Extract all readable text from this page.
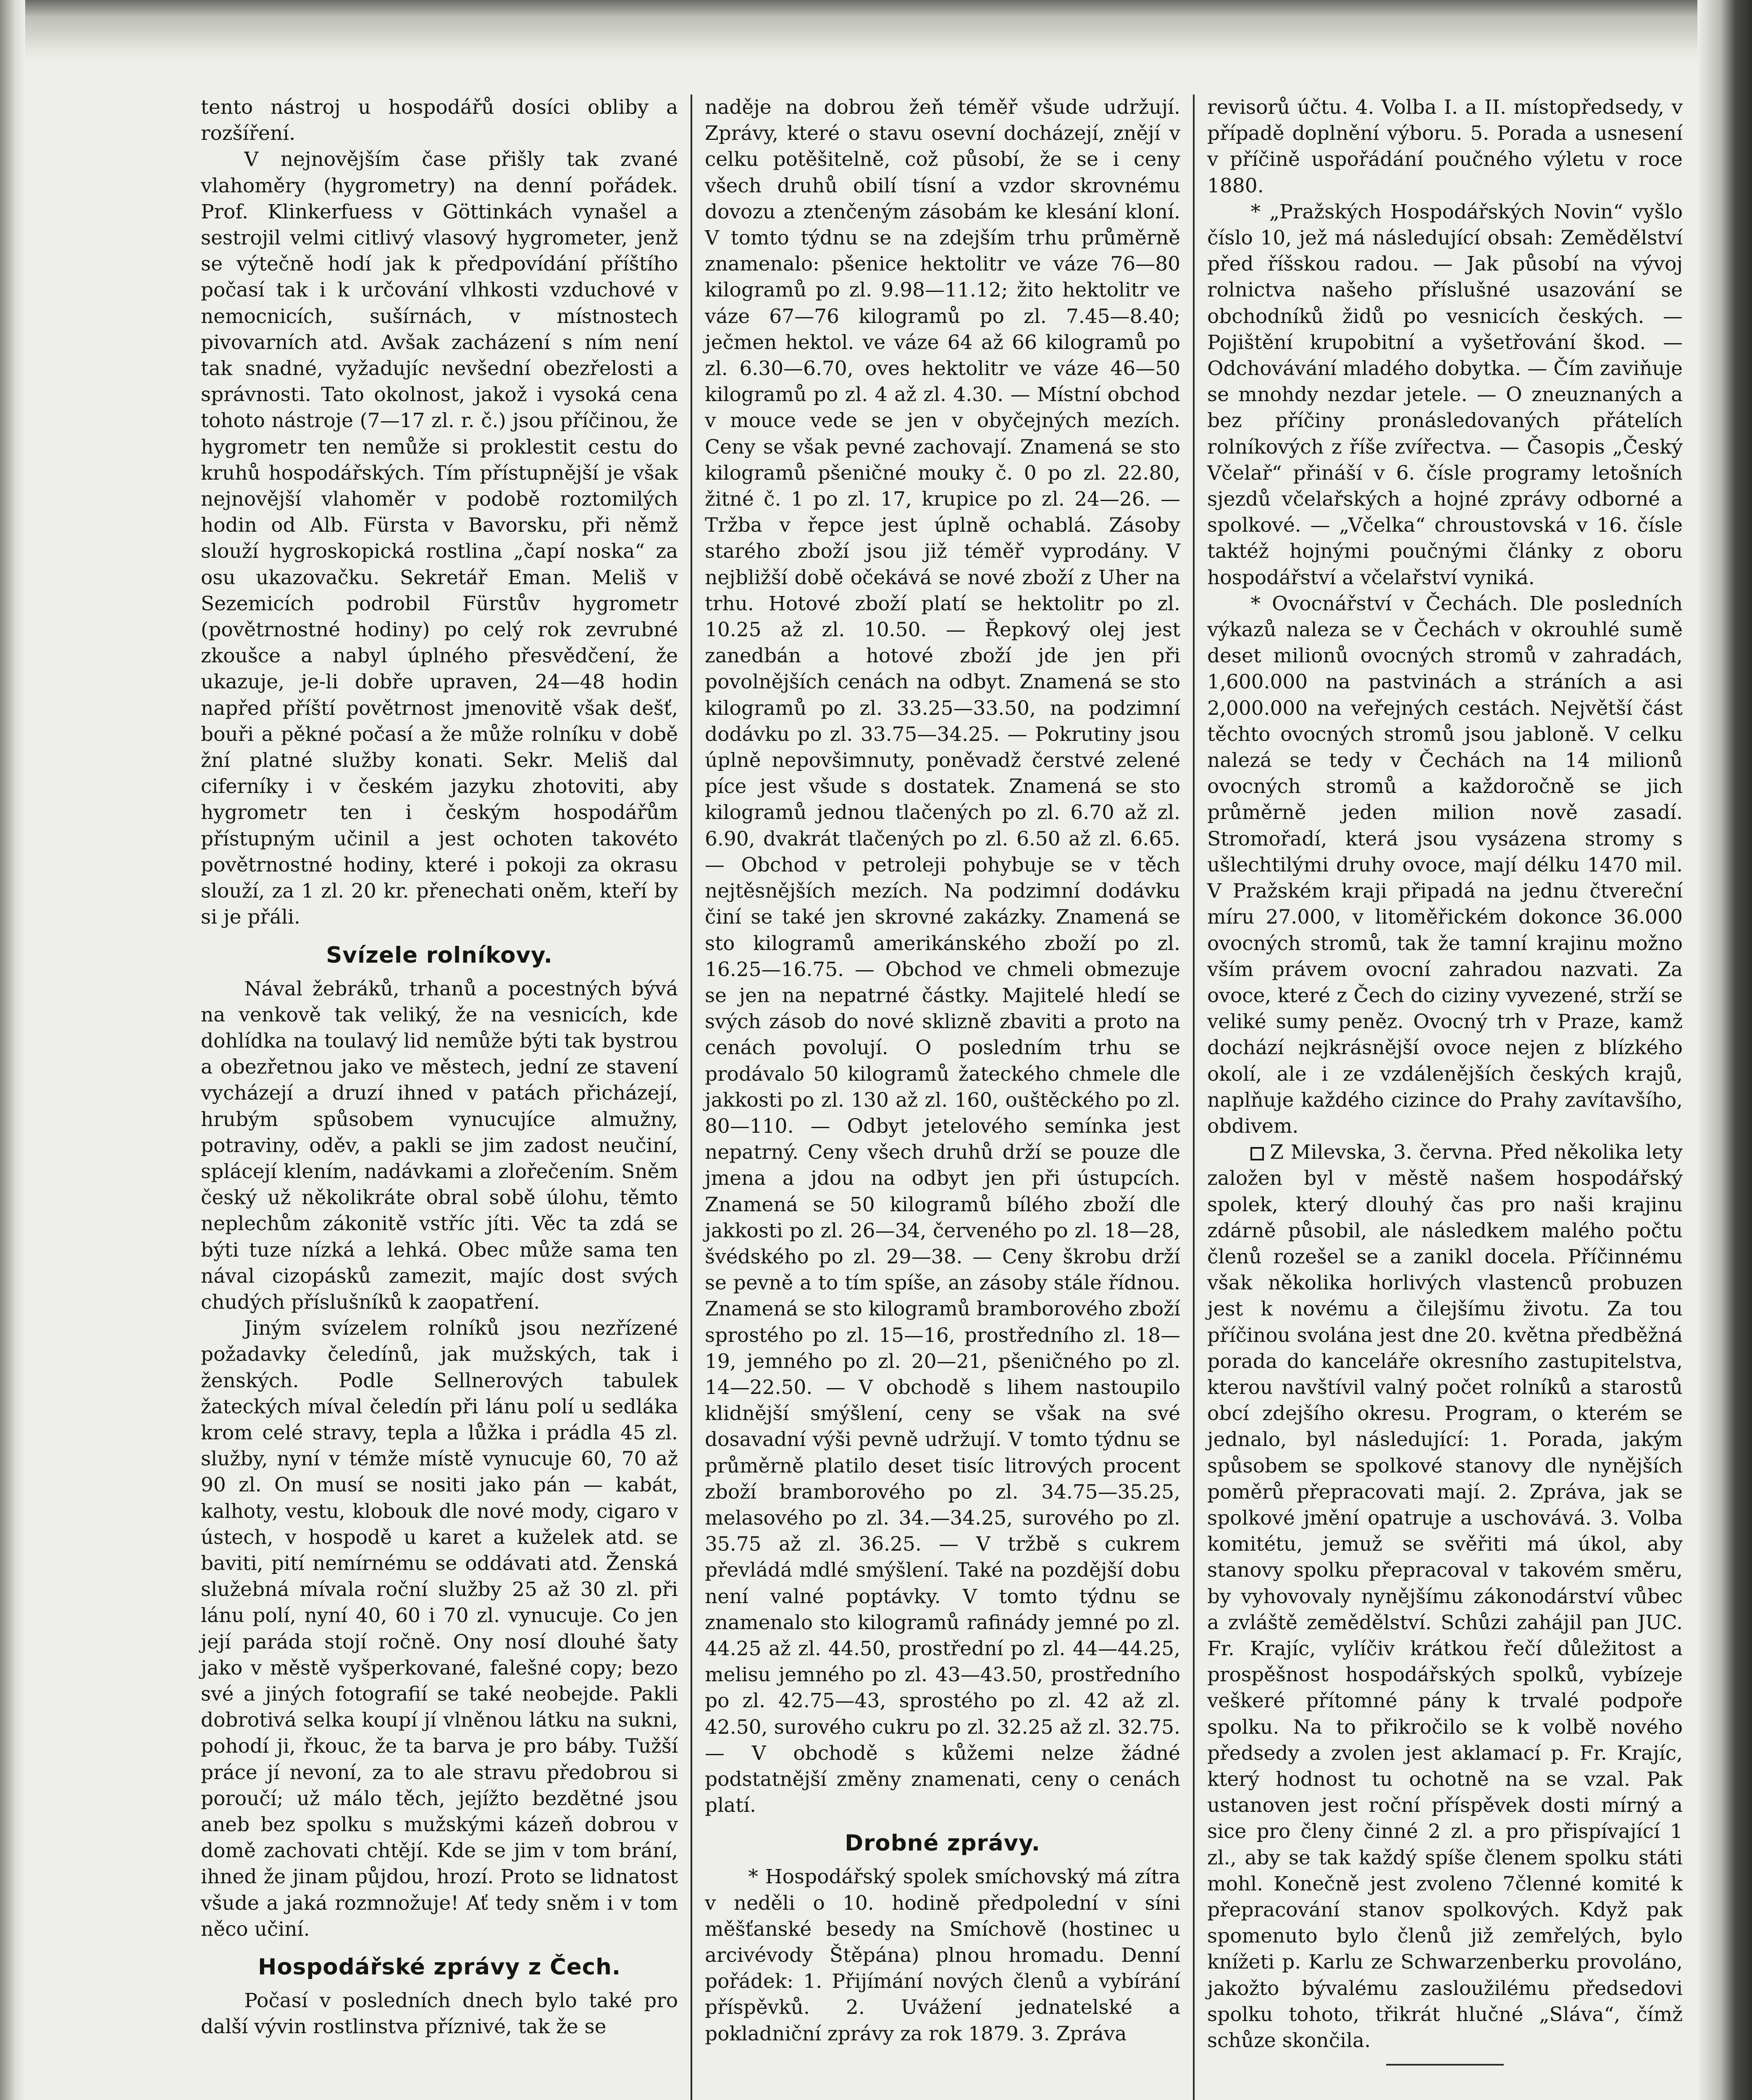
tento nástroj u hospodářů dosíci obliby a rozšíření.

V nejnovějším čase přišly tak zvané vlahoměry (hygrometry) na denní pořádek. Prof. Klinkerfuess v Göttinkách vynašel a sestrojil velmi citlivý vlasový hygrometer, jenž se výtečně hodí jak k předpovídání příštího počasí tak i k určování vlhkosti vzduchové v nemocnicích, sušírnách, v místnostech pivovarních atd. Avšak zacházení s ním není tak snadné, vyžadujíc nevšední obezřelosti a správnosti. Tato okolnost, jakož i vysoká cena tohoto nástroje (7—17 zl. r. č.) jsou příčinou, že hygrometr ten nemůže si proklestit cestu do kruhů hospodářských. Tím přístupnější je však nejnovější vlahoměr v podobě roztomilých hodin od Alb. Fürsta v Bavorsku, při němž slouží hygroskopická rostlina „čapí noska“ za osu ukazovačku. Sekretář Eman. Meliš v Sezemicích podrobil Fürstův hygrometr (povětrnostné hodiny) po celý rok zevrubné zkoušce a nabyl úplného přesvědčení, že ukazuje, je-li dobře upraven, 24—48 hodin napřed příští povětrnost jmenovitě však dešť, bouři a pěkné počasí a že může rolníku v době žní platné služby konati. Sekr. Meliš dal ciferníky i v českém jazyku zhotoviti, aby hygrometr ten i českým hospodářům přístupným učinil a jest ochoten takovéto povětrnostné hodiny, které i pokoji za okrasu slouží, za 1 zl. 20 kr. přenechati oněm, kteří by si je přáli.

Svízele rolníkovy.

Nával žebráků, trhanů a pocestných bývá na venkově tak veliký, že na vesnicích, kde dohlídka na toulavý lid nemůže býti tak bystrou a obezřetnou jako ve městech, jední ze stavení vycházejí a druzí ihned v patách přicházejí, hrubým spůsobem vynucujíce almužny, potraviny, oděv, a pakli se jim zadost neučiní, splácejí klením, nadávkami a zlořečením. Sněm český už několikráte obral sobě úlohu, těmto neplechům zákonitě vstříc jíti. Věc ta zdá se býti tuze nízká a lehká. Obec může sama ten nával cizopásků zamezit, majíc dost svých chudých příslušníků k zaopatření.

Jiným svízelem rolníků jsou nezřízené požadavky čeledínů, jak mužských, tak i ženských. Podle Sellnerových tabulek žateckých míval čeledín při lánu polí u sedláka krom celé stravy, tepla a lůžka i prádla 45 zl. služby, nyní v témže místě vynucuje 60, 70 až 90 zl. On musí se nositi jako pán — kabát, kalhoty, vestu, klobouk dle nové mody, cigaro v ústech, v hospodě u karet a kuželek atd. se baviti, pití nemírnému se oddávati atd. Ženská služebná mívala roční služby 25 až 30 zl. při lánu polí, nyní 40, 60 i 70 zl. vynucuje. Co jen její paráda stojí ročně. Ony nosí dlouhé šaty jako v městě vyšperkované, falešné copy; bezo své a jiných fotografií se také neobejde. Pakli dobrotivá selka koupí jí vlněnou látku na sukni, pohodí ji, řkouc, že ta barva je pro báby. Tužší práce jí nevoní, za to ale stravu předobrou si poroučí; už málo těch, jejížto bezdětné jsou aneb bez spolku s mužskými kázeň dobrou v domě zachovati chtějí. Kde se jim v tom brání, ihned že jinam půjdou, hrozí. Proto se lidnatost všude a jaká rozmnožuje! Ať tedy sněm i v tom něco učiní.

Hospodářské zprávy z Čech.

Počasí v posledních dnech bylo také pro další vývin rostlinstva příznivé, tak že se

naděje na dobrou žeň téměř všude udržují. Zprávy, které o stavu osevní docházejí, znějí v celku potěšitelně, což působí, že se i ceny všech druhů obilí tísní a vzdor skrovnému dovozu a ztenčeným zásobám ke klesání kloní. V tomto týdnu se na zdejším trhu průměrně znamenalo: pšenice hektolitr ve váze 76—80 kilogramů po zl. 9.98—11.12; žito hektolitr ve váze 67—76 kilogramů po zl. 7.45—8.40; ječmen hektol. ve váze 64 až 66 kilogramů po zl. 6.30—6.70, oves hektolitr ve váze 46—50 kilogramů po zl. 4 až zl. 4.30. — Místní obchod v mouce vede se jen v obyčejných mezích. Ceny se však pevné zachovají. Znamená se sto kilogramů pšeničné mouky č. 0 po zl. 22.80, žitné č. 1 po zl. 17, krupice po zl. 24—26. — Tržba v řepce jest úplně ochablá. Zásoby starého zboží jsou již téměř vyprodány. V nejbližší době očekává se nové zboží z Uher na trhu. Hotové zboží platí se hektolitr po zl. 10.25 až zl. 10.50. — Řepkový olej jest zanedbán a hotové zboží jde jen při povolnějších cenách na odbyt. Znamená se sto kilogramů po zl. 33.25—33.50, na podzimní dodávku po zl. 33.75—34.25. — Pokrutiny jsou úplně nepovšimnuty, poněvadž čerstvé zelené píce jest všude s dostatek. Znamená se sto kilogramů jednou tlačených po zl. 6.70 až zl. 6.90, dvakrát tlačených po zl. 6.50 až zl. 6.65. — Obchod v petroleji pohybuje se v těch nejtěsnějších mezích. Na podzimní dodávku činí se také jen skrovné zakázky. Znamená se sto kilogramů amerikánského zboží po zl. 16.25—16.75. — Obchod ve chmeli obmezuje se jen na nepatrné částky. Majitelé hledí se svých zásob do nové sklizně zbaviti a proto na cenách povolují. O posledním trhu se prodávalo 50 kilogramů žateckého chmele dle jakkosti po zl. 130 až zl. 160, ouštěckého po zl. 80—110. — Odbyt jetelového semínka jest nepatrný. Ceny všech druhů drží se pouze dle jmena a jdou na odbyt jen při ústupcích. Znamená se 50 kilogramů bílého zboží dle jakkosti po zl. 26—34, červeného po zl. 18—28, švédského po zl. 29—38. — Ceny škrobu drží se pevně a to tím spíše, an zásoby stále řídnou. Znamená se sto kilogramů bramborového zboží sprostého po zl. 15—16, prostředního zl. 18—19, jemného po zl. 20—21, pšeničného po zl. 14—22.50. — V obchodě s lihem nastoupilo klidnější smýšlení, ceny se však na své dosavadní výši pevně udržují. V tomto týdnu se průměrně platilo deset tisíc litrových procent zboží bramborového po zl. 34.75—35.25, melasového po zl. 34.—34.25, surového po zl. 35.75 až zl. 36.25. — V tržbě s cukrem převládá mdlé smýšlení. Také na pozdější dobu není valné poptávky. V tomto týdnu se znamenalo sto kilogramů rafinády jemné po zl. 44.25 až zl. 44.50, prostřední po zl. 44—44.25, melisu jemného po zl. 43—43.50, prostředního po zl. 42.75—43, sprostého po zl. 42 až zl. 42.50, surového cukru po zl. 32.25 až zl. 32.75. — V obchodě s kůžemi nelze žádné podstatnější změny znamenati, ceny o cenách platí.

Drobné zprávy.

* Hospodářský spolek smíchovský má zítra v neděli o 10. hodině předpolední v síni měšťanské besedy na Smíchově (hostinec u arcivévody Štěpána) plnou hromadu. Denní pořádek: 1. Přijímání nových členů a vybírání příspěvků. 2. Uvážení jednatelské a pokladniční zprávy za rok 1879. 3. Zpráva

revisorů účtu. 4. Volba I. a II. místopředsedy, v případě doplnění výboru. 5. Porada a usnesení v příčině uspořádání poučného výletu v roce 1880.

* „Pražských Hospodářských Novin“ vyšlo číslo 10, jež má následující obsah: Zemědělství před říšskou radou. — Jak působí na vývoj rolnictva našeho příslušné usazování se obchodníků židů po vesnicích českých. — Pojištění krupobitní a vyšetřování škod. — Odchovávání mladého dobytka. — Čím zaviňuje se mnohdy nezdar jetele. — O zneuznaných a bez příčiny pronásledovaných přátelích rolníkových z říše zvířectva. — Časopis „Český Včelař“ přináší v 6. čísle programy letošních sjezdů včelařských a hojné zprávy odborné a spolkové. — „Včelka“ chroustovská v 16. čísle taktéž hojnými poučnými články z oboru hospodářství a včelařství vyniká.

* Ovocnářství v Čechách. Dle posledních výkazů naleza se v Čechách v okrouhlé sumě deset milionů ovocných stromů v zahradách, 1,600.000 na pastvinách a stráních a asi 2,000.000 na veřejných cestách. Největší část těchto ovocných stromů jsou jabloně. V celku nalezá se tedy v Čechách na 14 milionů ovocných stromů a každoročně se jich průměrně jeden milion nově zasadí. Stromořadí, která jsou vysázena stromy s ušlechtilými druhy ovoce, mají délku 1470 mil. V Pražském kraji připadá na jednu čtvereční míru 27.000, v litoměřickém dokonce 36.000 ovocných stromů, tak že tamní krajinu možno vším právem ovocní zahradou nazvati. Za ovoce, které z Čech do ciziny vyvezené, strží se veliké sumy peněz. Ovocný trh v Praze, kamž dochází nejkrásnější ovoce nejen z blízkého okolí, ale i ze vzdálenějších českých krajů, naplňuje každého cizince do Prahy zavítavšího, obdivem.

Z Milevska, 3. června. Před několika lety založen byl v městě našem hospodářský spolek, který dlouhý čas pro naši krajinu zdárně působil, ale následkem malého počtu členů rozešel se a zanikl docela. Příčinnému však několika horlivých vlastenců probuzen jest k novému a čilejšímu životu. Za tou příčinou svolána jest dne 20. května předběžná porada do kanceláře okresního zastupitelstva, kterou navštívil valný počet rolníků a starostů obcí zdejšího okresu. Program, o kterém se jednalo, byl následující: 1. Porada, jakým spůsobem se spolkové stanovy dle nynějších poměrů přepracovati mají. 2. Zpráva, jak se spolkové jmění opatruje a uschovává. 3. Volba komitétu, jemuž se svěřiti má úkol, aby stanovy spolku přepracoval v takovém směru, by vyhovovaly nynějšímu zákonodárství vůbec a zvláště zemědělství. Schůzi zahájil pan JUC. Fr. Krajíc, vylíčiv krátkou řečí důležitost a prospěšnost hospodářských spolků, vybízeje veškeré přítomné pány k trvalé podpoře spolku. Na to přikročilo se k volbě nového předsedy a zvolen jest aklamací p. Fr. Krajíc, který hodnost tu ochotně na se vzal. Pak ustanoven jest roční příspěvek dosti mírný a sice pro členy činné 2 zl. a pro přispívající 1 zl., aby se tak každý spíše členem spolku státi mohl. Konečně jest zvoleno 7členné komité k přepracování stanov spolkových. Když pak spomenuto bylo členů již zemřelých, bylo knížeti p. Karlu ze Schwarzenberku provoláno, jakožto bývalému zasloužilému předsedovi spolku tohoto, třikrát hlučné „Sláva“, čímž schůze skončila.
